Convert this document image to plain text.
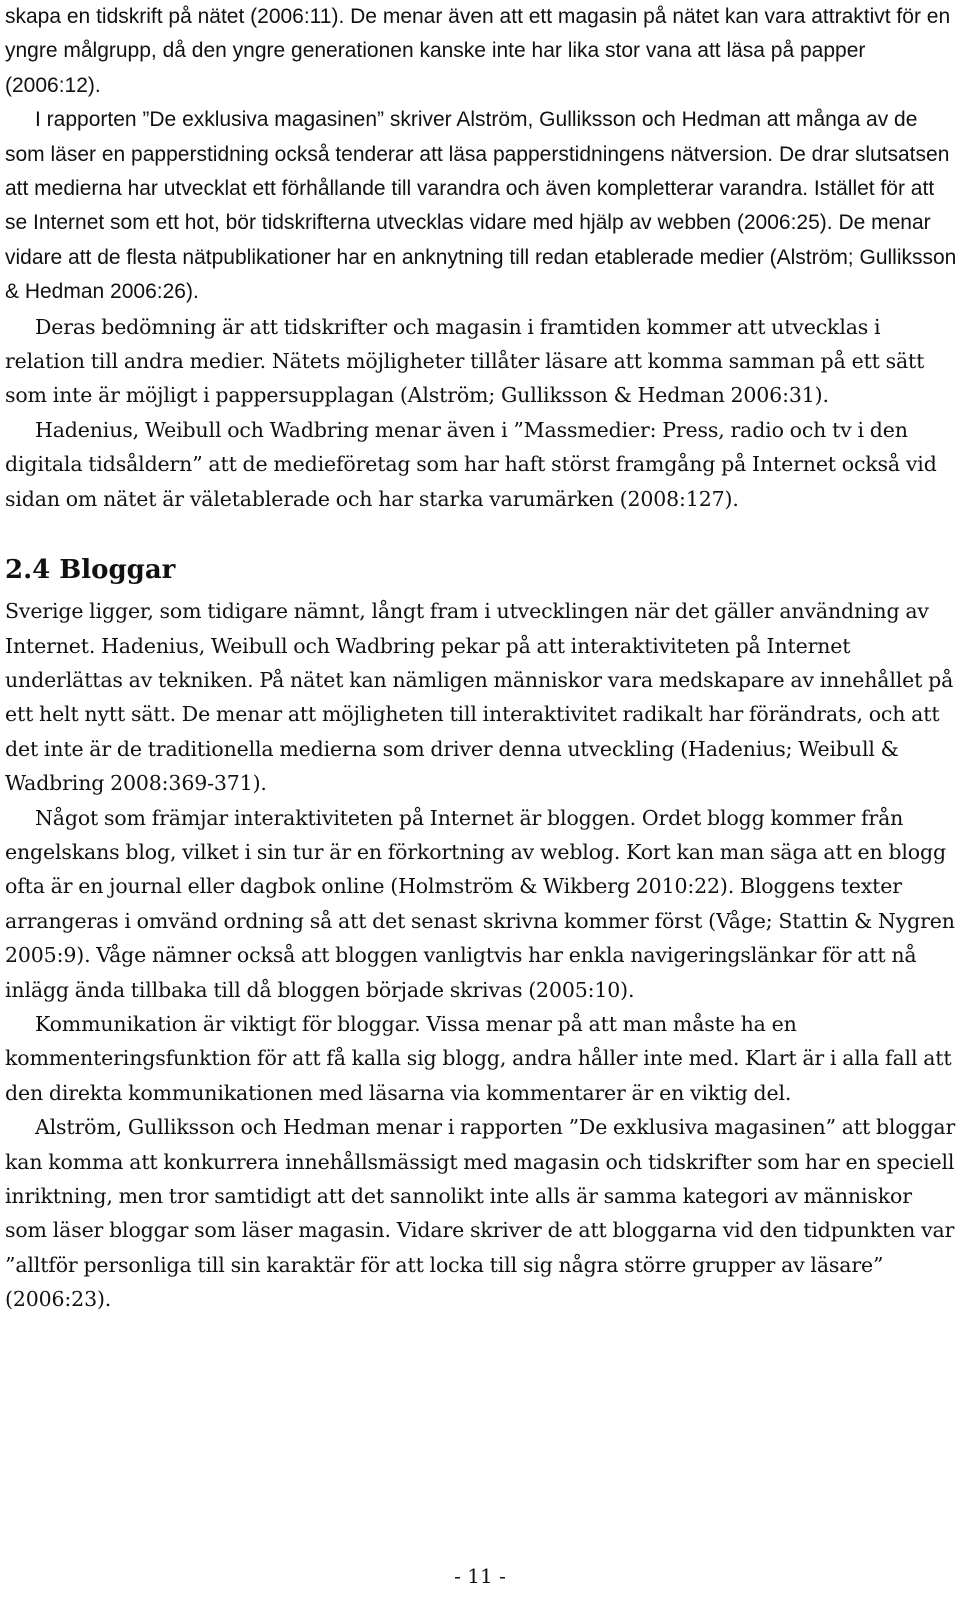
skapa en tidskrift på nätet (2006:11). De menar även att ett magasin på nätet kan vara attraktivt för en yngre målgrupp, då den yngre generationen kanske inte har lika stor vana att läsa på papper (2006:12).

I rapporten ”De exklusiva magasinen” skriver Alström, Gulliksson och Hedman att många av de som läser en papperstidning också tenderar att läsa papperstidningens nätversion. De drar slutsatsen att medierna har utvecklat ett förhållande till varandra och även kompletterar varandra. Istället för att se Internet som ett hot, bör tidskrifterna utvecklas vidare med hjälp av webben (2006:25). De menar vidare att de flesta nätpublikationer har en anknytning till redan etablerade medier (Alström; Gulliksson & Hedman 2006:26).

Deras bedömning är att tidskrifter och magasin i framtiden kommer att utvecklas i relation till andra medier. Nätets möjligheter tillåter läsare att komma samman på ett sätt som inte är möjligt i pappersupplagan (Alström; Gulliksson & Hedman 2006:31).

Hadenius, Weibull och Wadbring menar även i ”Massmedier: Press, radio och tv i den digitala tidsåldern” att de medieföretag som har haft störst framgång på Internet också vid sidan om nätet är väletablerade och har starka varumärken (2008:127).

2.4 Bloggar

Sverige ligger, som tidigare nämnt, långt fram i utvecklingen när det gäller användning av Internet. Hadenius, Weibull och Wadbring pekar på att interaktiviteten på Internet underlättas av tekniken. På nätet kan nämligen människor vara medskapare av innehållet på ett helt nytt sätt. De menar att möjligheten till interaktivitet radikalt har förändrats, och att det inte är de traditionella medierna som driver denna utveckling (Hadenius; Weibull & Wadbring 2008:369-371).

Något som främjar interaktiviteten på Internet är bloggen. Ordet blogg kommer från engelskans blog, vilket i sin tur är en förkortning av weblog. Kort kan man säga att en blogg ofta är en journal eller dagbok online (Holmström & Wikberg 2010:22). Bloggens texter arrangeras i omvänd ordning så att det senast skrivna kommer först (Våge; Stattin & Nygren 2005:9). Våge nämner också att bloggen vanligtvis har enkla navigeringslänkar för att nå inlägg ända tillbaka till då bloggen började skrivas (2005:10).

Kommunikation är viktigt för bloggar. Vissa menar på att man måste ha en kommenteringsfunktion för att få kalla sig blogg, andra håller inte med. Klart är i alla fall att den direkta kommunikationen med läsarna via kommentarer är en viktig del.

Alström, Gulliksson och Hedman menar i rapporten ”De exklusiva magasinen” att bloggar kan komma att konkurrera innehållsmässigt med magasin och tidskrifter som har en speciell inriktning, men tror samtidigt att det sannolikt inte alls är samma kategori av människor som läser bloggar som läser magasin. Vidare skriver de att bloggarna vid den tidpunkten var ”alltför personliga till sin karaktär för att locka till sig några större grupper av läsare” (2006:23).

- 11 -
